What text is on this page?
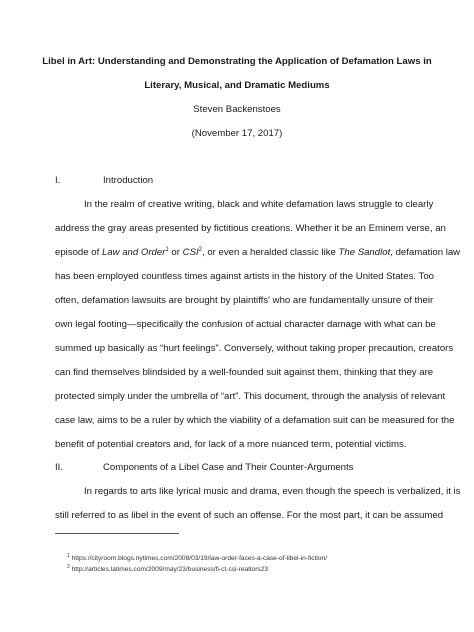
Libel in Art: Understanding and Demonstrating the Application of Defamation Laws in
Literary, Musical, and Dramatic Mediums
Steven Backenstoes
(November 17, 2017)
I.	Introduction
In the realm of creative writing, black and white defamation laws struggle to clearly
address the gray areas presented by fictitious creations. Whether it be an Eminem verse, an
episode of Law and Order$^1$ or CSI$^2$, or even a heralded classic like The Sandlot, defamation law
has been employed countless times against artists in the history of the United States. Too
often, defamation lawsuits are brought by plaintiffs' who are fundamentally unsure of their
own legal footing—specifically the confusion of actual character damage with what can be
summed up basically as “hurt feelings”. Conversely, without taking proper precaution, creators
can find themselves blindsided by a well-founded suit against them, thinking that they are
protected simply under the umbrella of “art”. This document, through the analysis of relevant
case law, aims to be a ruler by which the viability of a defamation suit can be measured for the
benefit of potential creators and, for lack of a more nuanced term, potential victims.
II.	Components of a Libel Case and Their Counter-Arguments
In regards to arts like lyrical music and drama, even though the speech is verbalized, it is
still referred to as libel in the event of such an offense. For the most part, it can be assumed
$^1$ https://cityroom.blogs.nytimes.com/2008/03/19/law-order-faces-a-case-of-libel-in-fiction/
$^2$ http://articles.latimes.com/2009/may/23/business/fi-ct-csi-realtors23
